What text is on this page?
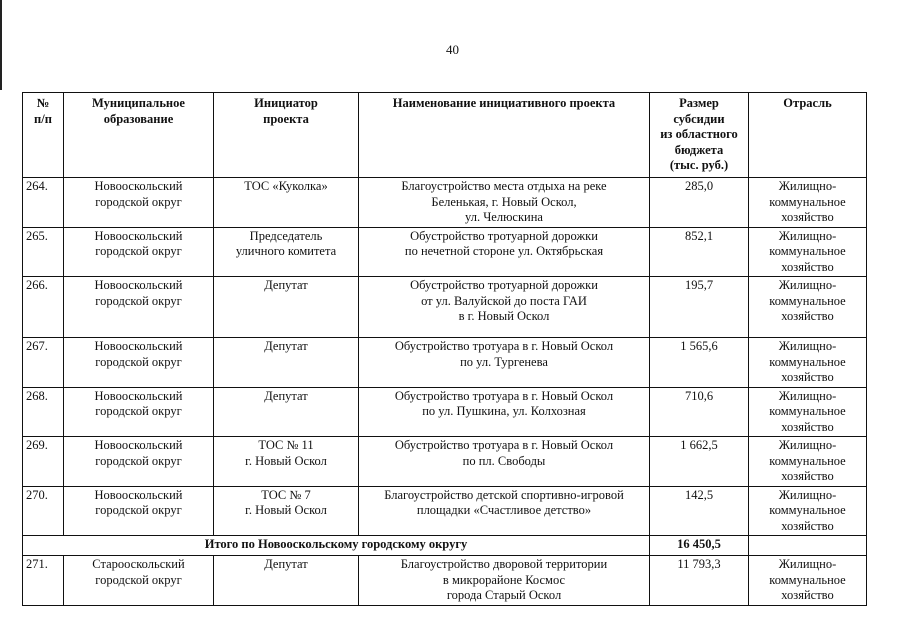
40
№
п/п	Муниципальное
образование	Инициатор
проекта	Наименование инициативного проекта	Размер
субсидии
из областного
бюджета
(тыс. руб.)	Отрасль

264.	Новооскольский
городской округ	ТОС «Куколка»	Благоустройство места отдыха на реке
Беленькая, г. Новый Оскол,
ул. Челюскина	285,0	Жилищно-
коммунальное
хозяйство

265.	Новооскольский
городской округ	Председатель
уличного комитета	Обустройство тротуарной дорожки
по нечетной стороне ул. Октябрьская	852,1	Жилищно-
коммунальное
хозяйство

266.	Новооскольский
городской округ	Депутат	Обустройство тротуарной дорожки
от ул. Валуйской до поста ГАИ
в г. Новый Оскол	195,7	Жилищно-
коммунальное
хозяйство

267.	Новооскольский
городской округ	Депутат	Обустройство тротуара в г. Новый Оскол
по ул. Тургенева	1 565,6	Жилищно-
коммунальное
хозяйство

268.	Новооскольский
городской округ	Депутат	Обустройство тротуара в г. Новый Оскол
по ул. Пушкина, ул. Колхозная	710,6	Жилищно-
коммунальное
хозяйство

269.	Новооскольский
городской округ	ТОС № 11
г. Новый Оскол	Обустройство тротуара в г. Новый Оскол
по пл. Свободы	1 662,5	Жилищно-
коммунальное
хозяйство

270.	Новооскольский
городской округ	ТОС № 7
г. Новый Оскол	Благоустройство детской спортивно-игровой
площадки «Счастливое детство»	142,5	Жилищно-
коммунальное
хозяйство

Итого по Новооскольскому городскому округу				16 450,5	
271.	Старооскольский
городской округ	Депутат	Благоустройство дворовой территории
в микрорайоне Космос
города Старый Оскол	11 793,3	Жилищно-
коммунальное
хозяйство
